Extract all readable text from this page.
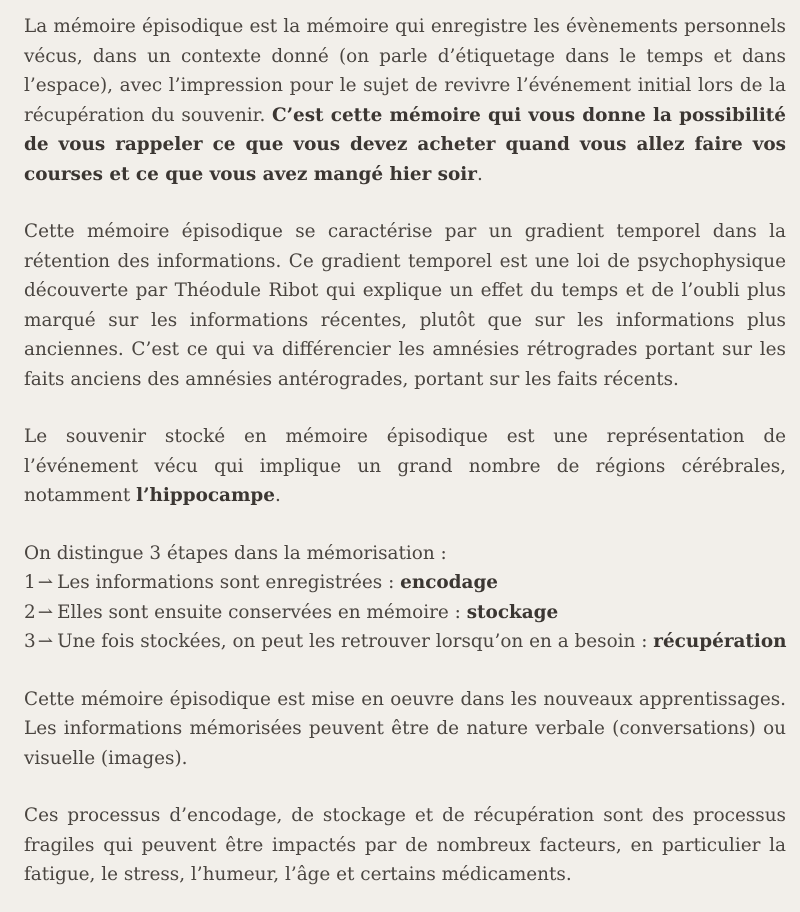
La mémoire épisodique est la mémoire qui enregistre les évènements personnels vécus, dans un contexte donné (on parle d’étiquetage dans le temps et dans l’espace), avec l’impression pour le sujet de revivre l’événement initial lors de la récupération du souvenir. C’est cette mémoire qui vous donne la possibilité de vous rappeler ce que vous devez acheter quand vous allez faire vos courses et ce que vous avez mangé hier soir.

Cette mémoire épisodique se caractérise par un gradient temporel dans la rétention des informations. Ce gradient temporel est une loi de psychophysique découverte par Théodule Ribot qui explique un effet du temps et de l’oubli plus marqué sur les informations récentes, plutôt que sur les informations plus anciennes. C’est ce qui va différencier les amnésies rétrogrades portant sur les faits anciens des amnésies antérogrades, portant sur les faits récents.

Le souvenir stocké en mémoire épisodique est une représentation de l’événement vécu qui implique un grand nombre de régions cérébrales, notamment l’hippocampe.

On distingue 3 étapes dans la mémorisation :

1 ⇀ Les informations sont enregistrées : encodage
2 ⇀ Elles sont ensuite conservées en mémoire : stockage
3 ⇀ Une fois stockées, on peut les retrouver lorsqu’on en a besoin : récupération

Cette mémoire épisodique est mise en oeuvre dans les nouveaux apprentissages. Les informations mémorisées peuvent être de nature verbale (conversations) ou visuelle (images).

Ces processus d’encodage, de stockage et de récupération sont des processus fragiles qui peuvent être impactés par de nombreux facteurs, en particulier la fatigue, le stress, l’humeur, l’âge et certains médicaments.
